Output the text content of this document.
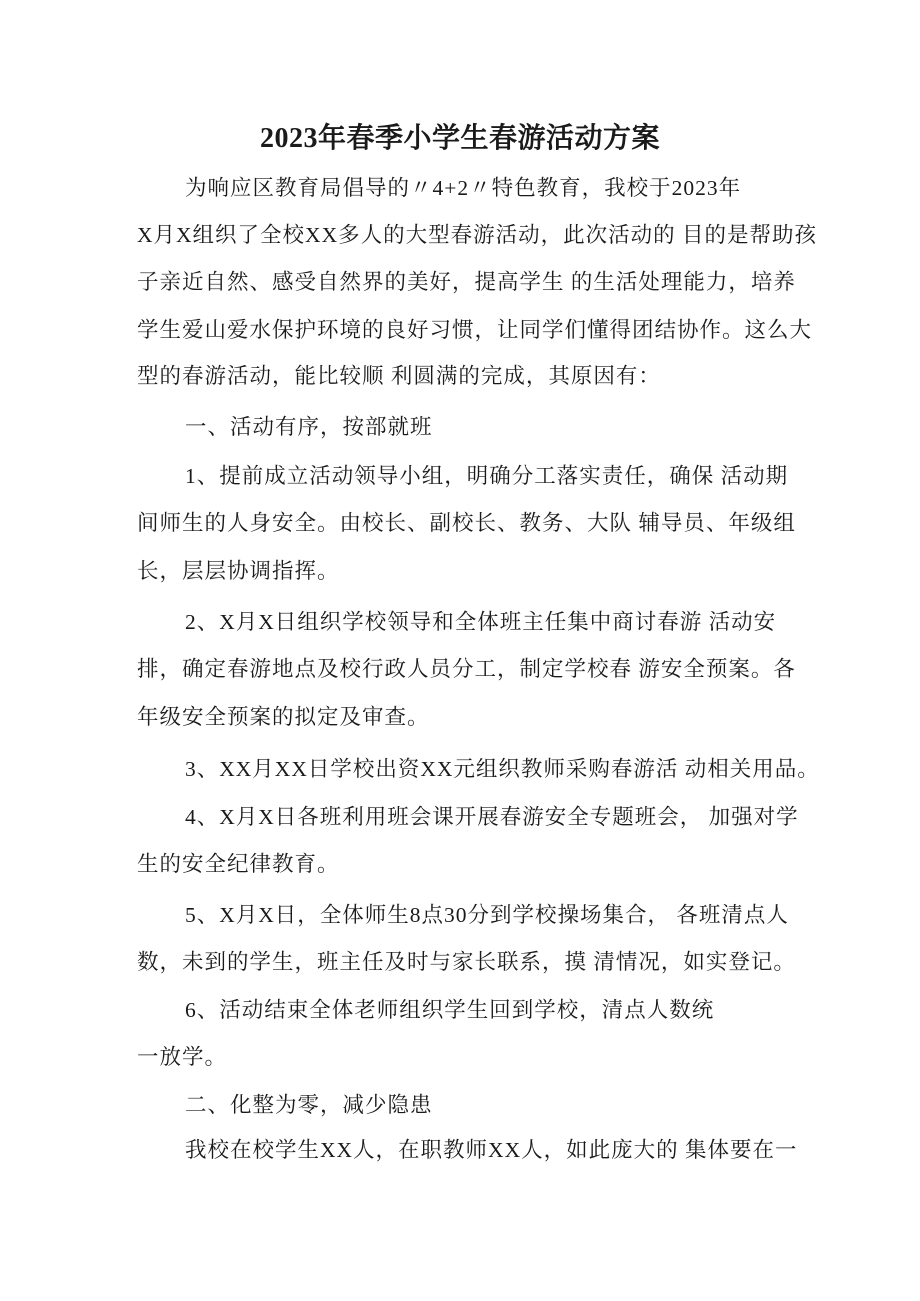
2023年春季小学生春游活动方案
为响应区教育局倡导的〃4+2〃特色教育，我校于2023年
X月X组织了全校XX多人的大型春游活动，此次活动的 目的是帮助孩
子亲近自然、感受自然界的美好，提高学生 的生活处理能力，培养
学生爱山爱水保护环境的良好习惯，让同学们懂得团结协作。这么大
型的春游活动，能比较顺 利圆满的完成，其原因有：
一、活动有序，按部就班
1、提前成立活动领导小组，明确分工落实责任，确保 活动期
间师生的人身安全。由校长、副校长、教务、大队 辅导员、年级组
长，层层协调指挥。
2、X月X日组织学校领导和全体班主任集中商讨春游 活动安
排，确定春游地点及校行政人员分工，制定学校春 游安全预案。各
年级安全预案的拟定及审查。
3、XX月XX日学校出资XX元组织教师采购春游活 动相关用品。
4、X月X日各班利用班会课开展春游安全专题班会， 加强对学
生的安全纪律教育。
5、X月X日，全体师生8点30分到学校操场集合， 各班清点人
数，未到的学生，班主任及时与家长联系，摸 清情况，如实登记。
6、活动结束全体老师组织学生回到学校，清点人数统
一放学。
二、化整为零，减少隐患
我校在校学生XX人，在职教师XX人，如此庞大的 集体要在一
